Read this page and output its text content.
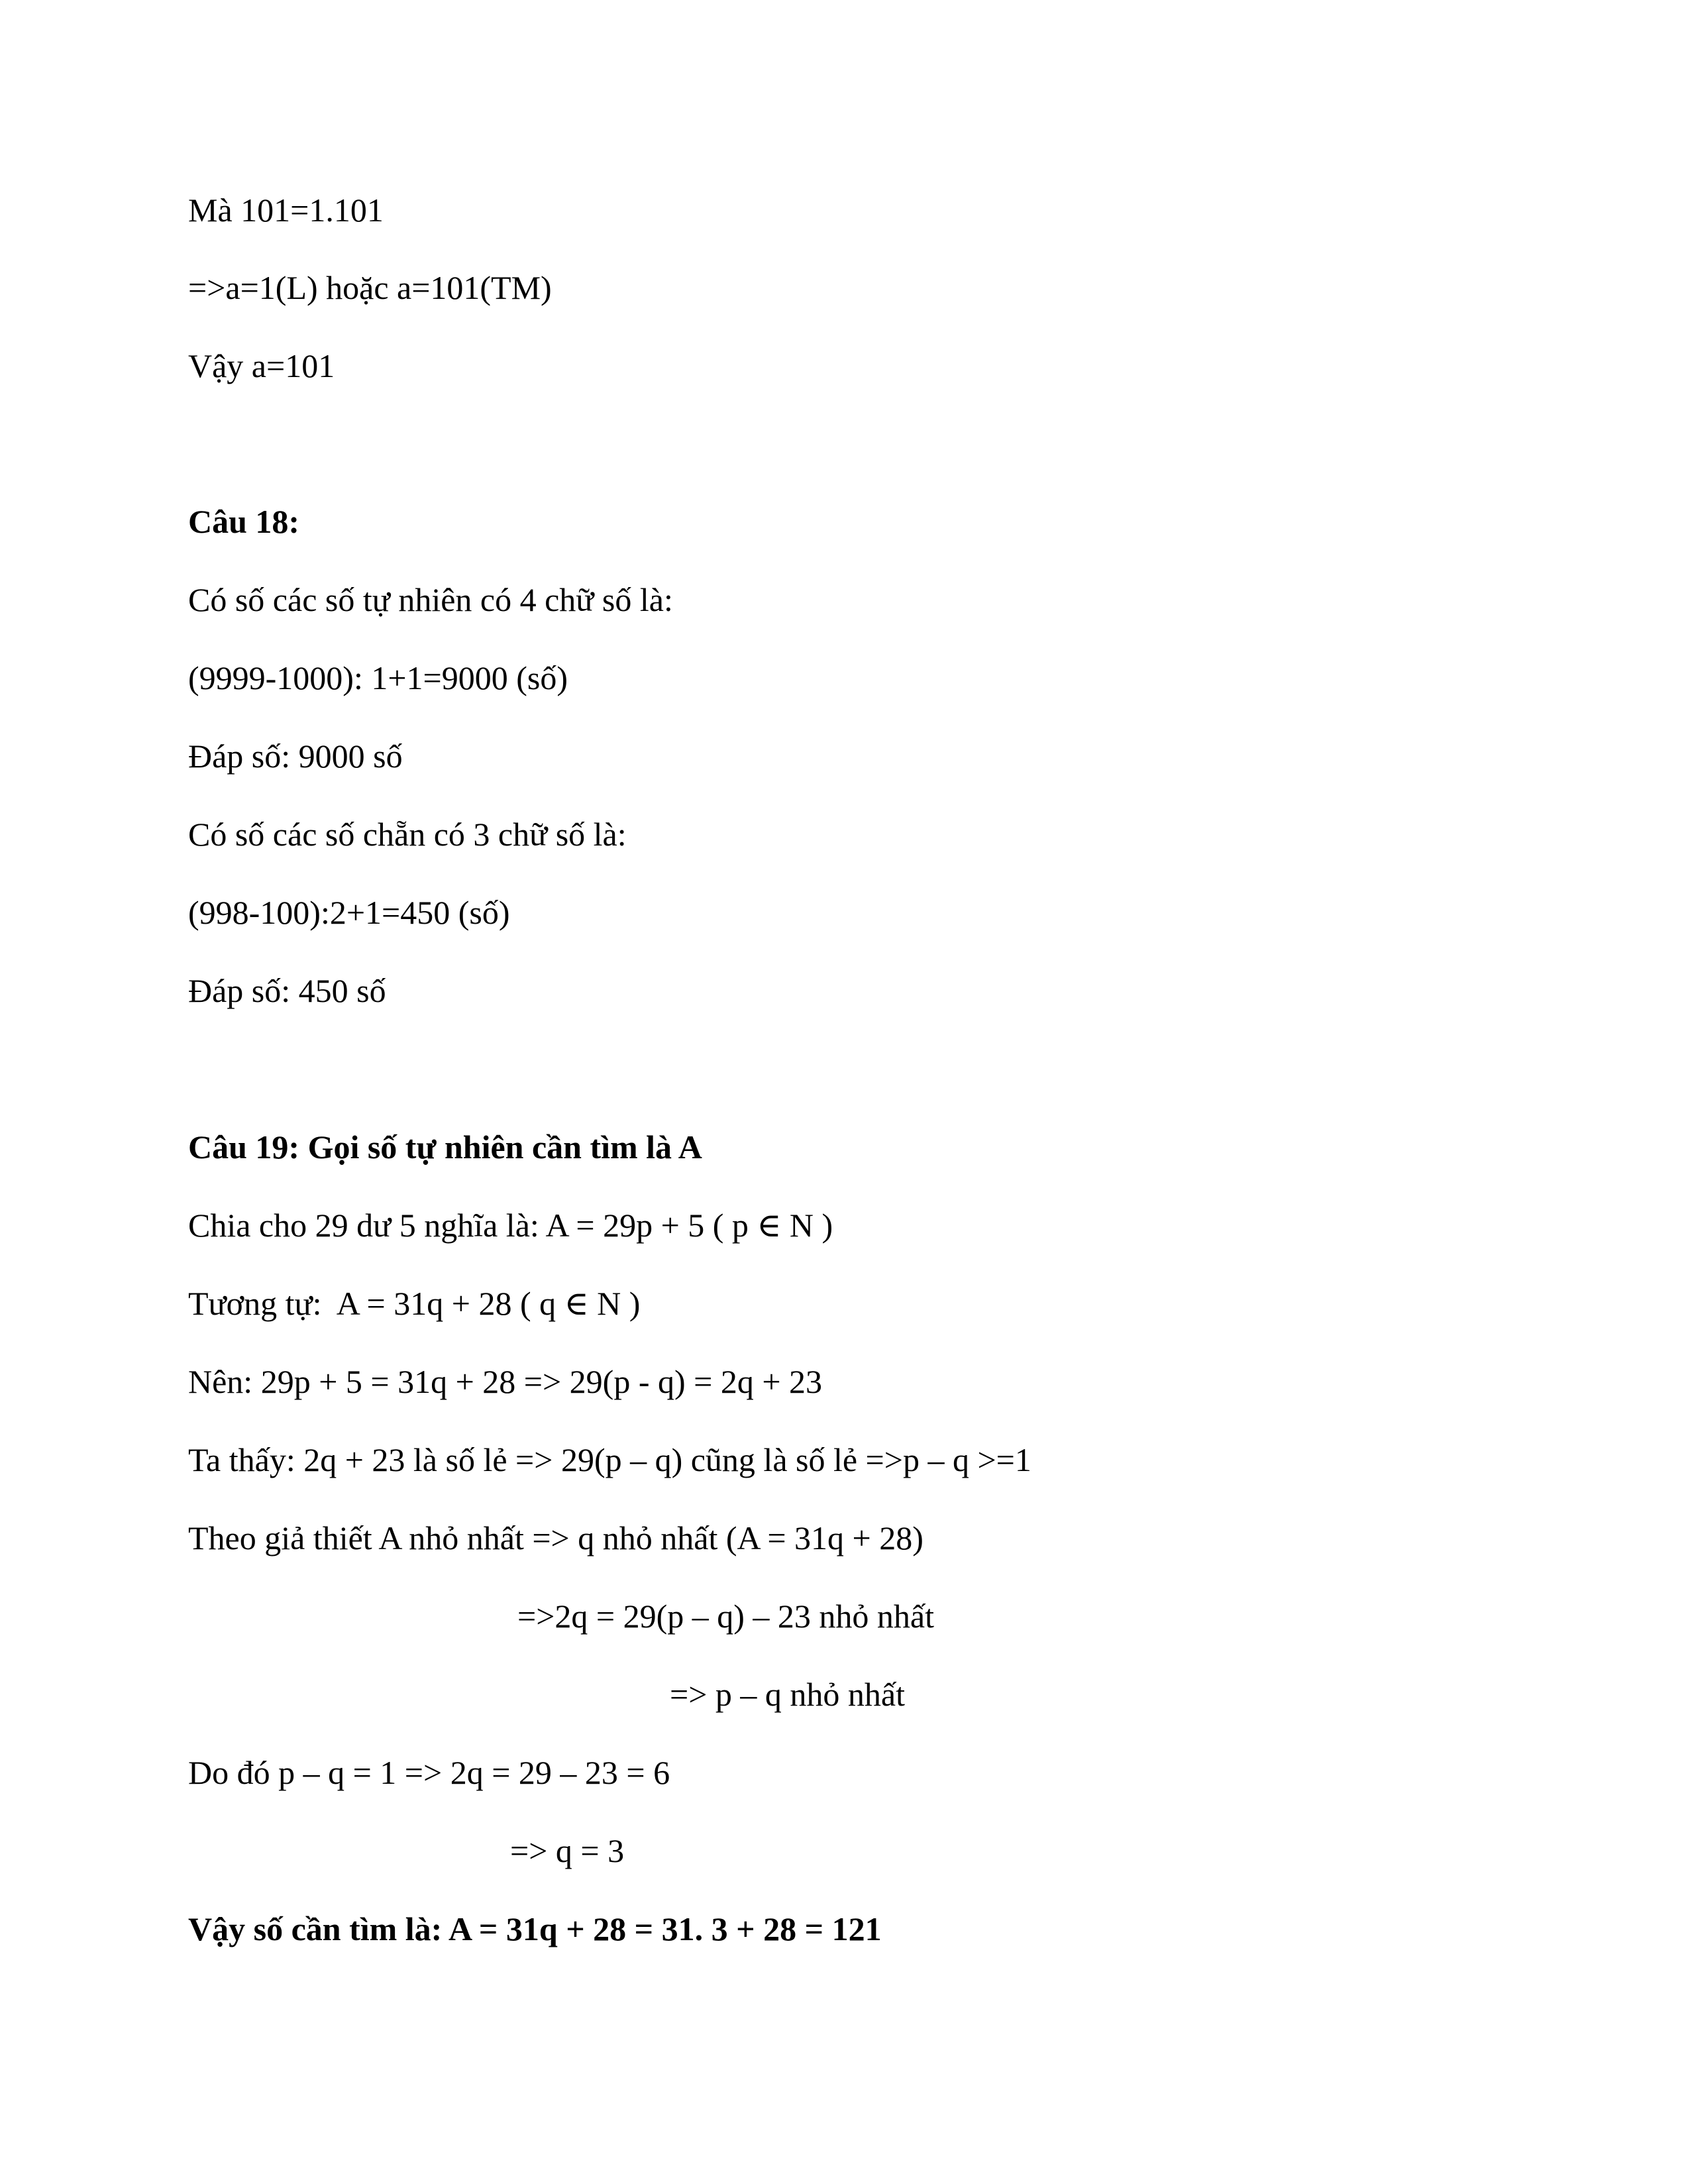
Mà 101=1.101
=>a=1(L) hoặc a=101(TM)
Vậy a=101
Câu 18:
Có số các số tự nhiên có 4 chữ số là:
(9999-1000): 1+1=9000 (số)
Đáp số: 9000 số
Có số các số chẵn có 3 chữ số là:
(998-100):2+1=450 (số)
Đáp số: 450 số
Câu 19: Gọi số tự nhiên cần tìm là A
Chia cho 29 dư 5 nghĩa là: A = 29p + 5 ( p ∈ N )
Tương tự:  A = 31q + 28 ( q ∈ N )
Nên: 29p + 5 = 31q + 28 => 29(p - q) = 2q + 23
Ta thấy: 2q + 23 là số lẻ => 29(p – q) cũng là số lẻ =>p – q >=1
Theo giả thiết A nhỏ nhất => q nhỏ nhất (A = 31q + 28)
=>2q = 29(p – q) – 23 nhỏ nhất
=> p – q nhỏ nhất
Do đó p – q = 1 => 2q = 29 – 23 = 6
=> q = 3
Vậy số cần tìm là: A = 31q + 28 = 31. 3 + 28 = 121
